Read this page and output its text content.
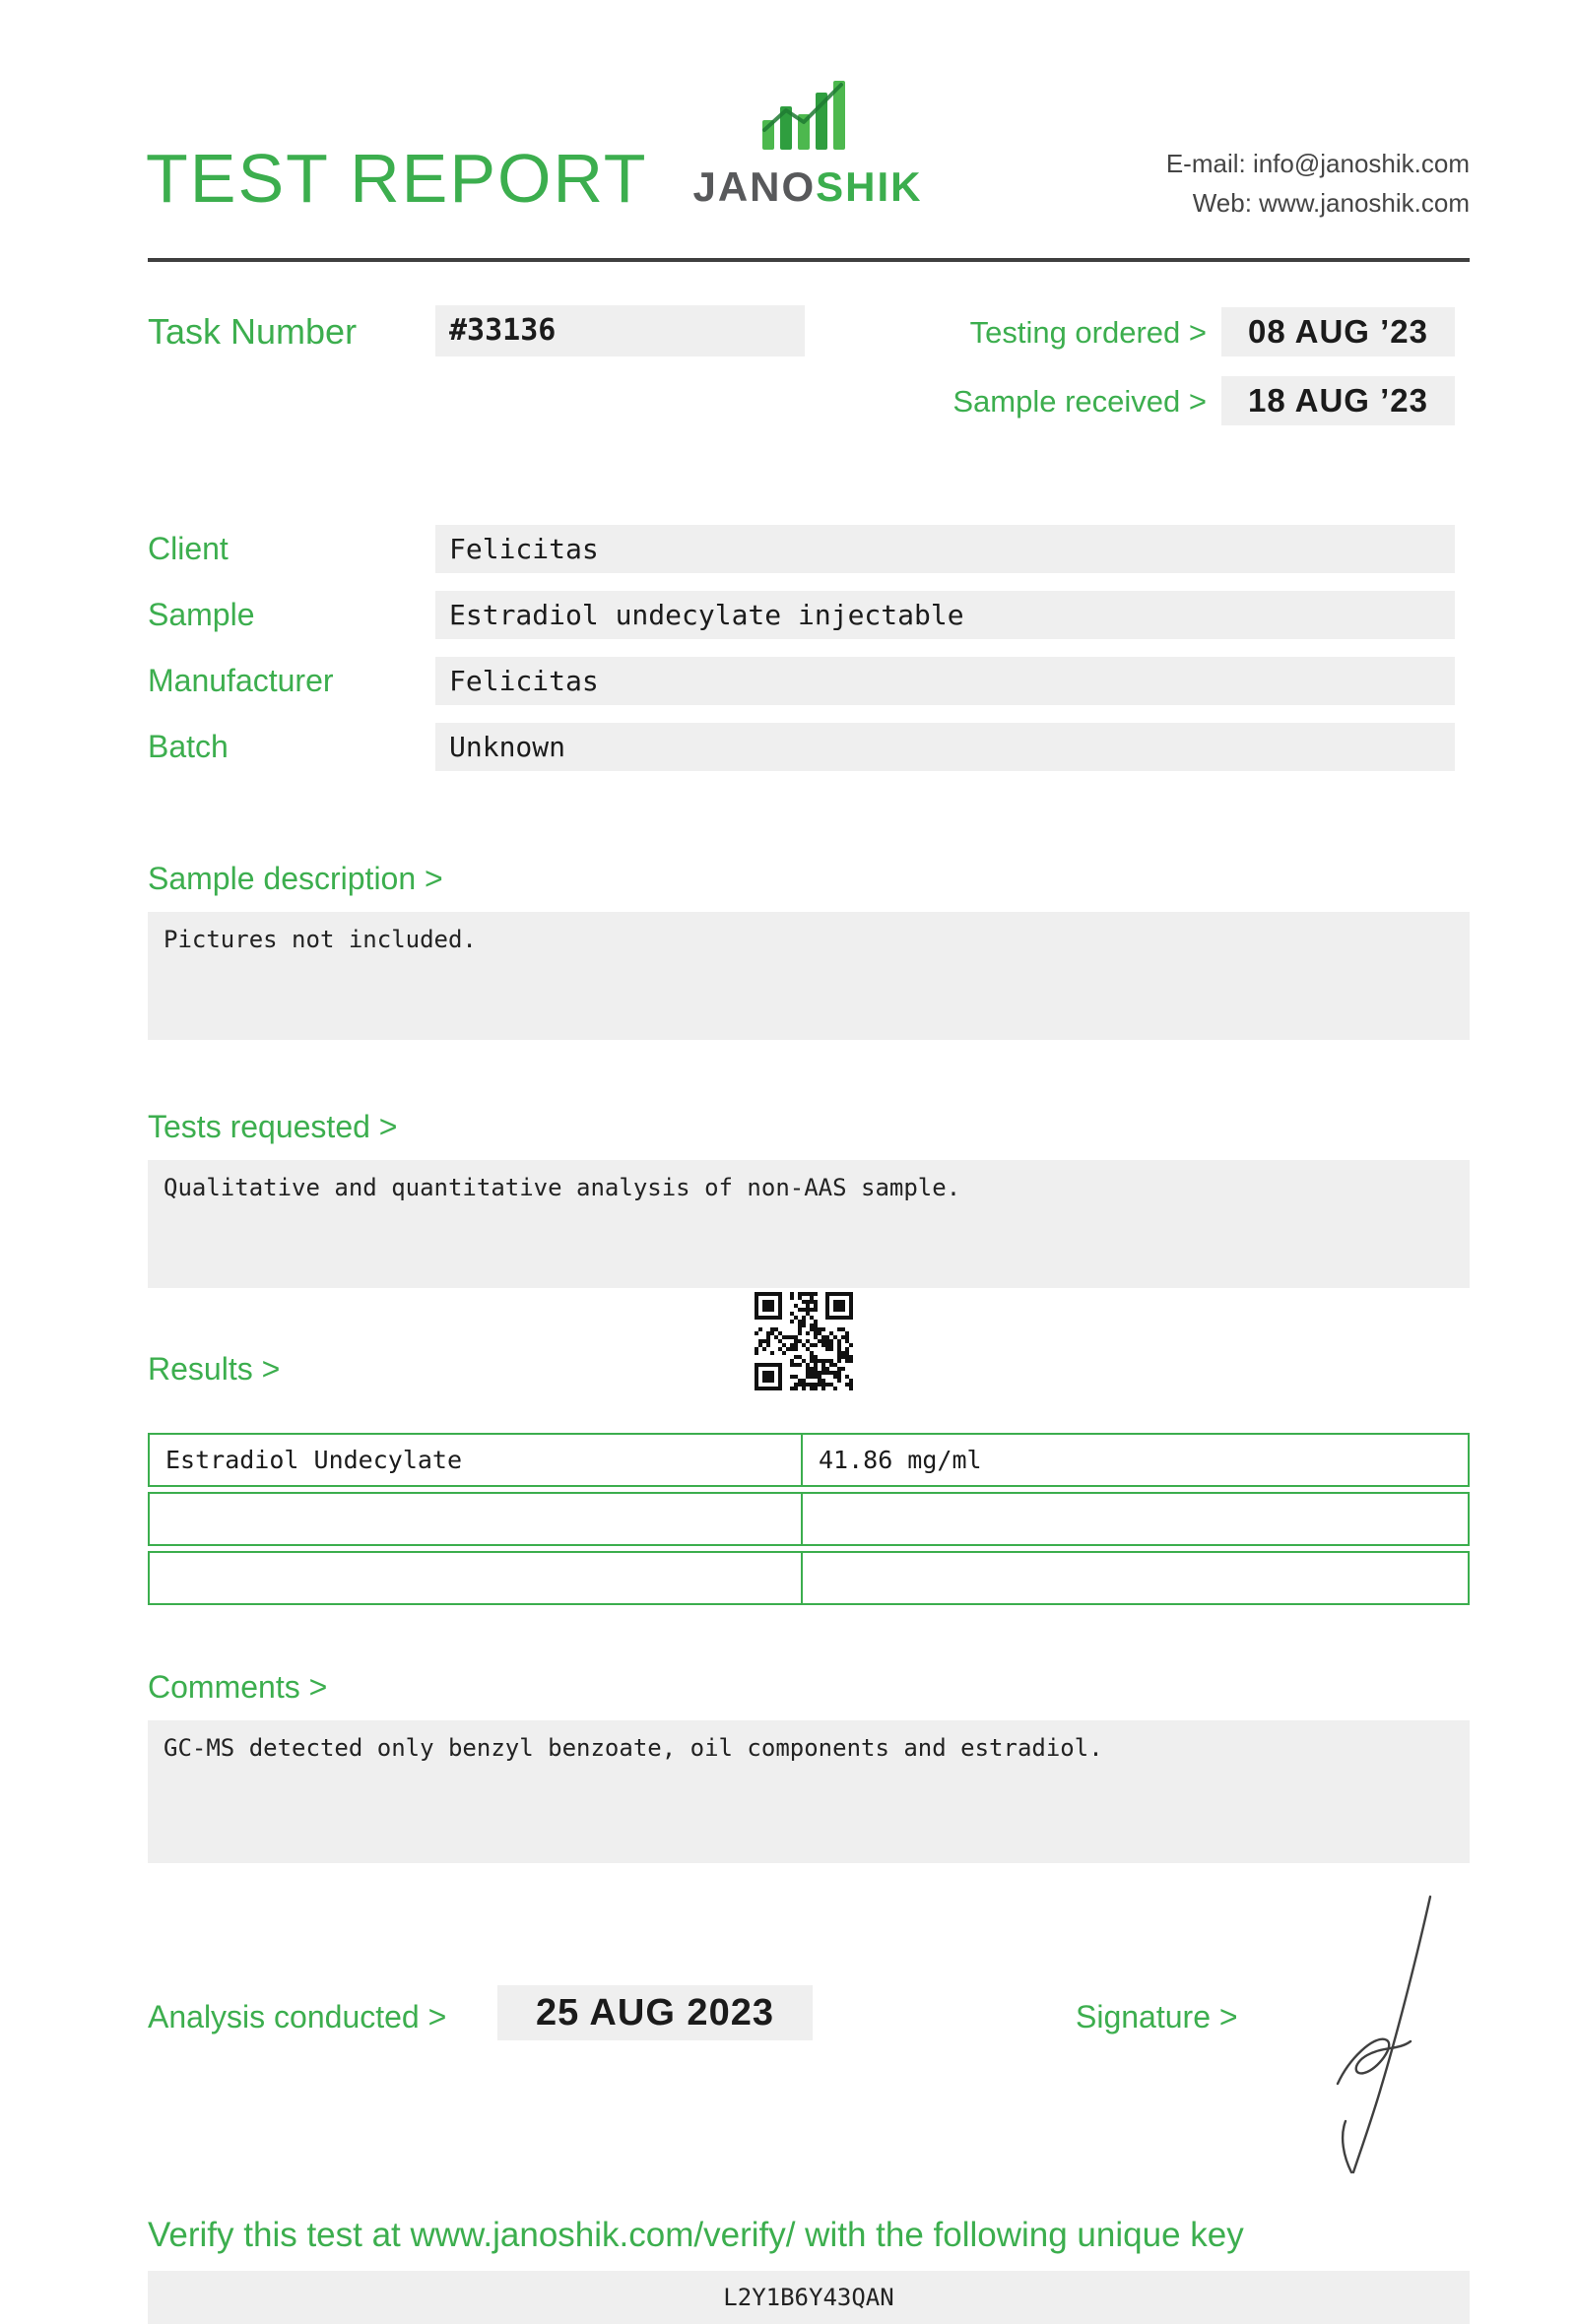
TEST REPORT JANOSHIK	E-mail: info@janoshik.com
Web: www.janoshik.com
Task Number	#33136	Testing ordered >	08 AUG ’23
Sample received >	18 AUG ’23
Client	Felicitas
Sample	Estradiol undecylate injectable
Manufacturer	Felicitas
Batch	Unknown
Sample description >
Pictures not included.
Tests requested >
Qualitative and quantitative analysis of non-AAS sample.
Results >
Estradiol Undecylate	41.86 mg/ml
Comments >
GC-MS detected only benzyl benzoate, oil components and estradiol.
Analysis conducted >	25 AUG 2023	Signature >
Verify this test at www.janoshik.com/verify/ with the following unique key
L2Y1B6Y43QAN
